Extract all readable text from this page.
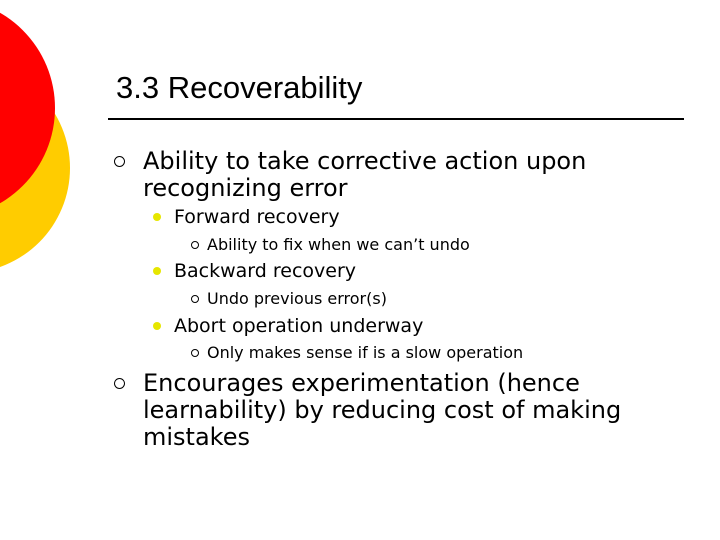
3.3 Recoverability
Ability to take corrective action upon
recognizing error
Forward recovery
Ability to fix when we can’t undo
Backward recovery
Undo previous error(s)
Abort operation underway
Only makes sense if is a slow operation
Encourages experimentation (hence
learnability) by reducing cost of making
mistakes
